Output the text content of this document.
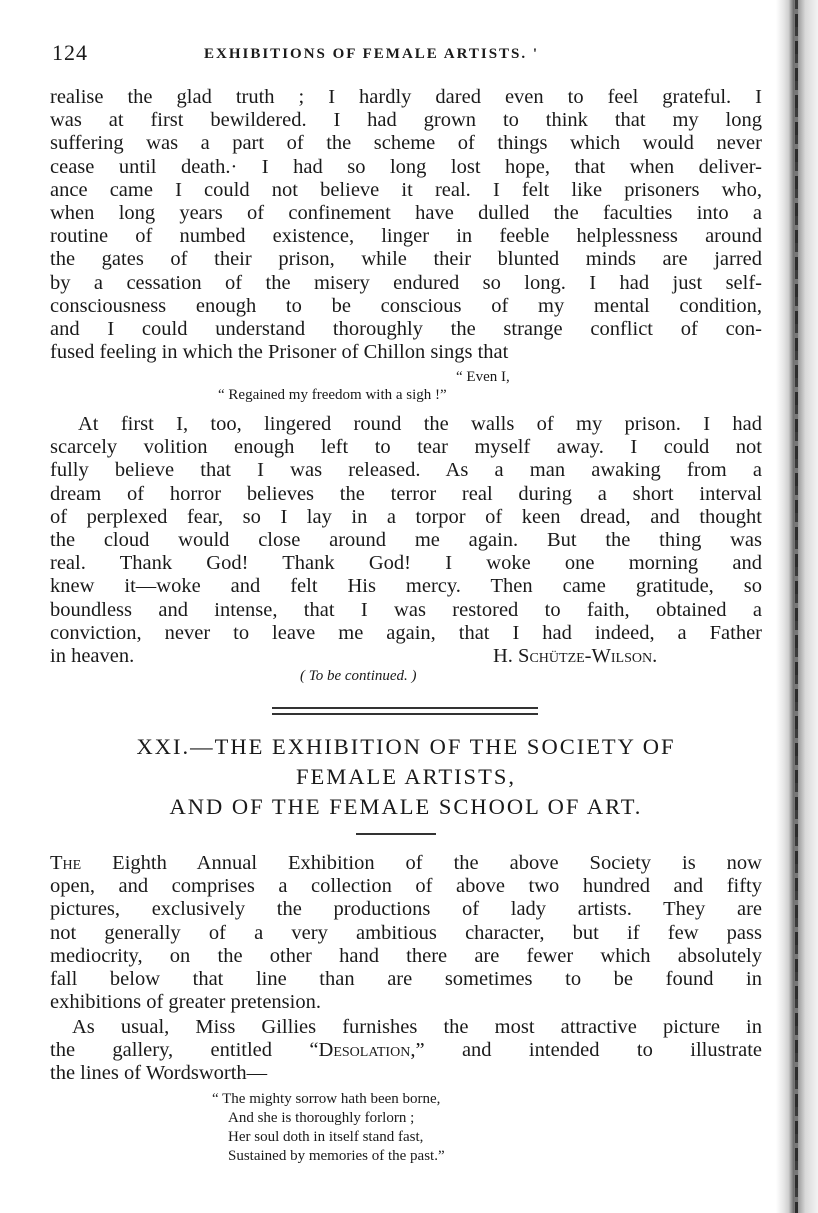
124	EXHIBITIONS OF FEMALE ARTISTS. '
realise the glad truth ; I hardly dared even to feel grateful. I
was at first bewildered. I had grown to think that my long
suffering was a part of the scheme of things which would never
cease until death.· I had so long lost hope, that when deliver-
ance came I could not believe it real. I felt like prisoners who,
when long years of confinement have dulled the faculties into a
routine of numbed existence, linger in feeble helplessness around
the gates of their prison, while their blunted minds are jarred
by a cessation of the misery endured so long. I had just self-
consciousness enough to be conscious of my mental condition,
and I could understand thoroughly the strange conflict of con-
fused feeling in which the Prisoner of Chillon sings that
“ Even I,
“ Regained my freedom with a sigh !”
At first I, too, lingered round the walls of my prison. I had
scarcely volition enough left to tear myself away. I could not
fully believe that I was released. As a man awaking from a
dream of horror believes the terror real during a short interval
of perplexed fear, so I lay in a torpor of keen dread, and thought
the cloud would close around me again. But the thing was
real. Thank God! Thank God! I woke one morning and
knew it—woke and felt His mercy. Then came gratitude, so
boundless and intense, that I was restored to faith, obtained a
conviction, never to leave me again, that I had indeed, a Father
in heaven.	H. Schütze-Wilson.
( To be continued. )
XXI.—THE EXHIBITION OF THE SOCIETY OF
FEMALE ARTISTS,
AND OF THE FEMALE SCHOOL OF ART.
The Eighth Annual Exhibition of the above Society is now
open, and comprises a collection of above two hundred and fifty
pictures, exclusively the productions of lady artists. They are
not generally of a very ambitious character, but if few pass
mediocrity, on the other hand there are fewer which absolutely
fall below that line than are sometimes to be found in
exhibitions of greater pretension.
As usual, Miss Gillies furnishes the most attractive picture in
the gallery, entitled “Desolation,” and intended to illustrate
the lines of Wordsworth—
“ The mighty sorrow hath been borne,
And she is thoroughly forlorn ;
Her soul doth in itself stand fast,
Sustained by memories of the past.”
